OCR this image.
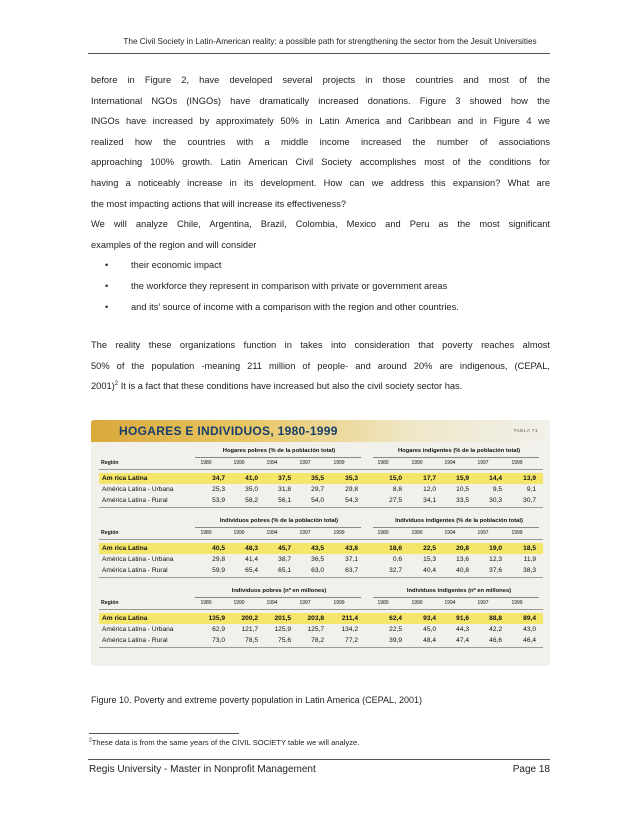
The Civil Society in Latin-American reality: a possible path for strengthening the sector from the Jesuit Universities

before in Figure 2, have developed several projects in those countries and most of the
International NGOs (INGOs) have dramatically increased donations. Figure 3 showed how the
INGOs have increased by approximately 50% in Latin America and Caribbean and in Figure 4 we
realized how the countries with a middle income increased the number of associations
approaching 100% growth. Latin American Civil Society accomplishes most of the conditions for
having a noticeably increase in its development. How can we address this expansion? What are
the most impacting actions that will increase its effectiveness?

We will analyze Chile, Argentina, Brazil, Colombia, Mexico and Peru as the most significant
examples of the region and will consider

• their economic impact
• the workforce they represent in comparison with private or government areas
• and its’ source of income with a comparison with the region and other countries.

The reality these organizations function in takes into consideration that poverty reaches almost
50% of the population -meaning 211 million of people- and around 20% are indigenous, (CEPAL,
2001)$^2$ It is a fact that these conditions have increased but also the civil society sector has.

HOGARES E INDIVIDUOS, 1980-1999	TABLA 71
Hogares pobres (% de la población total)	Hogares indigentes (% de la población total)
Región	1980	1990	1994	1997	1999	1980	1990	1994	1997	1999
Am rica Latina	34,7	41,0	37,5	35,5	35,3	15,0	17,7	15,9	14,4	13,9
América Latina - Urbana	25,3	35,0	31,8	29,7	29,8	8,8	12,0	10,5	9,5	9,1
América Latina - Rural	53,9	58,2	56,1	54,0	54,3	27,5	34,1	33,5	30,3	30,7
Individuos pobres (% de la población total)	Individuos indigentes (% de la población total)
Región	1980	1990	1994	1997	1999	1980	1990	1994	1997	1999
Am rica Latina	40,5	48,3	45,7	43,5	43,8	18,6	22,5	20,8	19,0	18,5
América Latina - Urbana	29,8	41,4	38,7	36,5	37,1	0,6	15,3	13,6	12,3	11,9
América Latina - Rural	59,9	65,4	65,1	63,0	63,7	32,7	40,4	40,8	37,6	38,3
Individuos pobres (nº en millones)	Individuos indigentes (nº en millones)
Región	1980	1990	1994	1997	1999	1980	1990	1994	1997	1999
Am rica Latina	135,9	200,2	201,5	203,8	211,4	62,4	93,4	91,6	88,8	89,4
América Latina - Urbana	62,9	121,7	125,9	125,7	134,2	22,5	45,0	44,3	42,2	43,0
América Latina - Rural	73,0	78,5	75,6	78,2	77,2	39,9	48,4	47,4	46,6	46,4
Figure 10. Poverty and extreme poverty population in Latin America (CEPAL, 2001)
$^2$These data is from the same years of the CIVIL SOCIETY table we will analyze.
Regis University - Master in Nonprofit Management	Page 18
